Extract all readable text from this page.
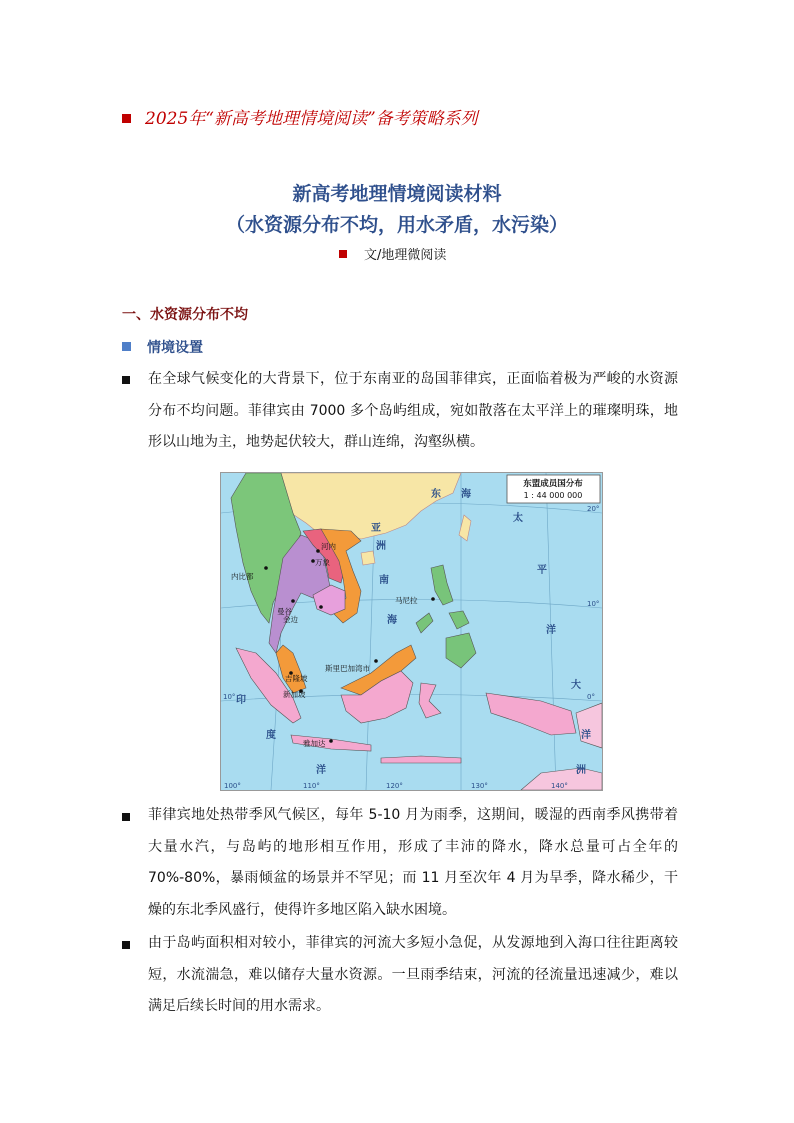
2025年“新高考地理情境阅读”备考策略系列
新高考地理情境阅读材料
（水资源分布不均，用水矛盾，水污染）
文/地理微阅读
一、水资源分布不均
情境设置
在全球气候变化的大背景下，位于东南亚的岛国菲律宾，正面临着极为严峻的水资源分布不均问题。菲律宾由 7000 多个岛屿组成，宛如散落在太平洋上的璀璨明珠，地形以山地为主，地势起伏较大，群山连绵，沟壑纵横。
东盟成员国分布
1 : 44 000 000
东 海
太
平
洋
南
海
印
度
洋
大
洋
洲
亚
洲
河内
万象
内比都
曼谷
金边
马尼拉
斯里巴加湾市
吉隆坡
新加坡
雅加达
100°	110°	120°	130°	140°
20°
10°
0°
10°
菲律宾地处热带季风气候区，每年 5-10 月为雨季，这期间，暖湿的西南季风携带着大量水汽，与岛屿的地形相互作用，形成了丰沛的降水，降水总量可占全年的 70%-80%，暴雨倾盆的场景并不罕见；而 11 月至次年 4 月为旱季，降水稀少，干燥的东北季风盛行，使得许多地区陷入缺水困境。
由于岛屿面积相对较小，菲律宾的河流大多短小急促，从发源地到入海口往往距离较短，水流湍急，难以储存大量水资源。一旦雨季结束，河流的径流量迅速减少，难以满足后续长时间的用水需求。
